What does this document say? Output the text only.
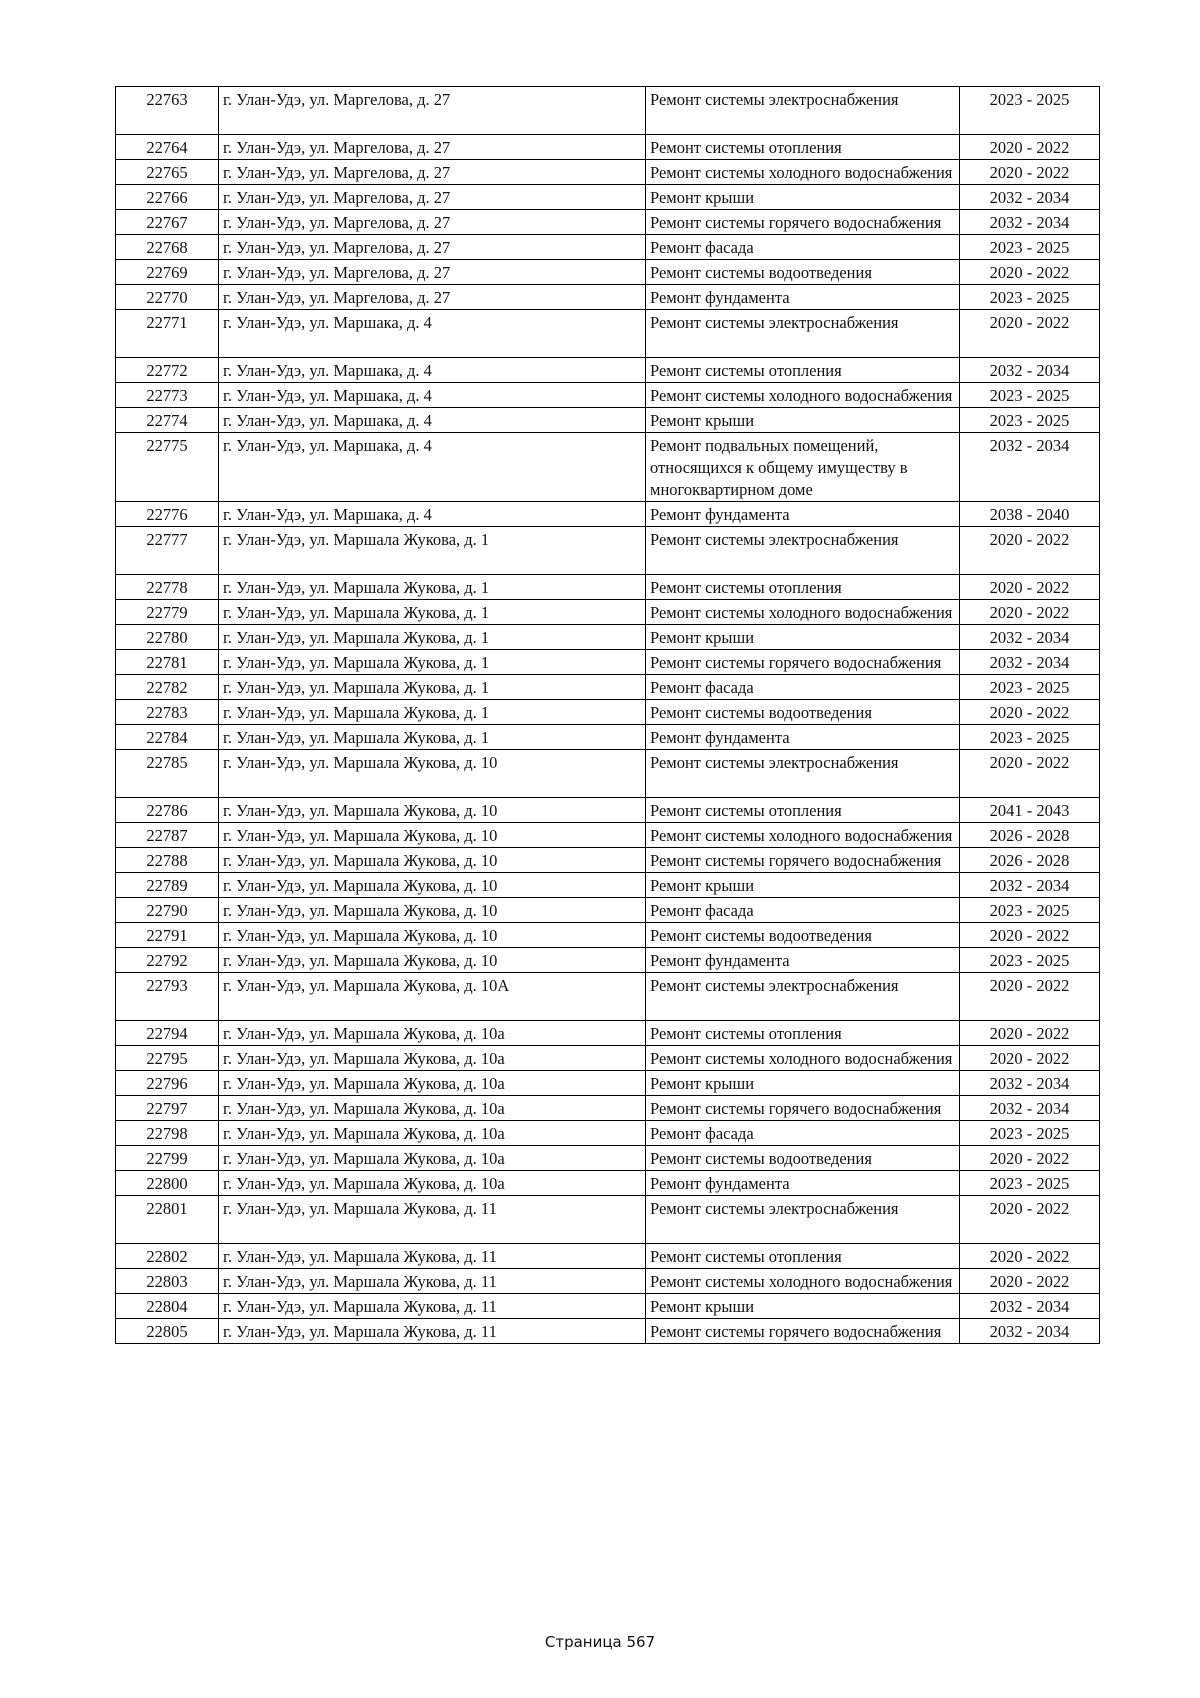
22763	г. Улан-Удэ, ул. Маргелова, д. 27	Ремонт системы электроснабжения	2023 - 2025
22764	г. Улан-Удэ, ул. Маргелова, д. 27	Ремонт системы отопления	2020 - 2022
22765	г. Улан-Удэ, ул. Маргелова, д. 27	Ремонт системы холодного водоснабжения	2020 - 2022
22766	г. Улан-Удэ, ул. Маргелова, д. 27	Ремонт крыши	2032 - 2034
22767	г. Улан-Удэ, ул. Маргелова, д. 27	Ремонт системы горячего водоснабжения	2032 - 2034
22768	г. Улан-Удэ, ул. Маргелова, д. 27	Ремонт фасада	2023 - 2025
22769	г. Улан-Удэ, ул. Маргелова, д. 27	Ремонт системы водоотведения	2020 - 2022
22770	г. Улан-Удэ, ул. Маргелова, д. 27	Ремонт фундамента	2023 - 2025
22771	г. Улан-Удэ, ул. Маршака, д. 4	Ремонт системы электроснабжения	2020 - 2022
22772	г. Улан-Удэ, ул. Маршака, д. 4	Ремонт системы отопления	2032 - 2034
22773	г. Улан-Удэ, ул. Маршака, д. 4	Ремонт системы холодного водоснабжения	2023 - 2025
22774	г. Улан-Удэ, ул. Маршака, д. 4	Ремонт крыши	2023 - 2025
22775	г. Улан-Удэ, ул. Маршака, д. 4	Ремонт подвальных помещений, относящихся к общему имуществу в многоквартирном доме	2032 - 2034
22776	г. Улан-Удэ, ул. Маршака, д. 4	Ремонт фундамента	2038 - 2040
22777	г. Улан-Удэ, ул. Маршала Жукова, д. 1	Ремонт системы электроснабжения	2020 - 2022
22778	г. Улан-Удэ, ул. Маршала Жукова, д. 1	Ремонт системы отопления	2020 - 2022
22779	г. Улан-Удэ, ул. Маршала Жукова, д. 1	Ремонт системы холодного водоснабжения	2020 - 2022
22780	г. Улан-Удэ, ул. Маршала Жукова, д. 1	Ремонт крыши	2032 - 2034
22781	г. Улан-Удэ, ул. Маршала Жукова, д. 1	Ремонт системы горячего водоснабжения	2032 - 2034
22782	г. Улан-Удэ, ул. Маршала Жукова, д. 1	Ремонт фасада	2023 - 2025
22783	г. Улан-Удэ, ул. Маршала Жукова, д. 1	Ремонт системы водоотведения	2020 - 2022
22784	г. Улан-Удэ, ул. Маршала Жукова, д. 1	Ремонт фундамента	2023 - 2025
22785	г. Улан-Удэ, ул. Маршала Жукова, д. 10	Ремонт системы электроснабжения	2020 - 2022
22786	г. Улан-Удэ, ул. Маршала Жукова, д. 10	Ремонт системы отопления	2041 - 2043
22787	г. Улан-Удэ, ул. Маршала Жукова, д. 10	Ремонт системы холодного водоснабжения	2026 - 2028
22788	г. Улан-Удэ, ул. Маршала Жукова, д. 10	Ремонт системы горячего водоснабжения	2026 - 2028
22789	г. Улан-Удэ, ул. Маршала Жукова, д. 10	Ремонт крыши	2032 - 2034
22790	г. Улан-Удэ, ул. Маршала Жукова, д. 10	Ремонт фасада	2023 - 2025
22791	г. Улан-Удэ, ул. Маршала Жукова, д. 10	Ремонт системы водоотведения	2020 - 2022
22792	г. Улан-Удэ, ул. Маршала Жукова, д. 10	Ремонт фундамента	2023 - 2025
22793	г. Улан-Удэ, ул. Маршала Жукова, д. 10А	Ремонт системы электроснабжения	2020 - 2022
22794	г. Улан-Удэ, ул. Маршала Жукова, д. 10а	Ремонт системы отопления	2020 - 2022
22795	г. Улан-Удэ, ул. Маршала Жукова, д. 10а	Ремонт системы холодного водоснабжения	2020 - 2022
22796	г. Улан-Удэ, ул. Маршала Жукова, д. 10а	Ремонт крыши	2032 - 2034
22797	г. Улан-Удэ, ул. Маршала Жукова, д. 10а	Ремонт системы горячего водоснабжения	2032 - 2034
22798	г. Улан-Удэ, ул. Маршала Жукова, д. 10а	Ремонт фасада	2023 - 2025
22799	г. Улан-Удэ, ул. Маршала Жукова, д. 10а	Ремонт системы водоотведения	2020 - 2022
22800	г. Улан-Удэ, ул. Маршала Жукова, д. 10а	Ремонт фундамента	2023 - 2025
22801	г. Улан-Удэ, ул. Маршала Жукова, д. 11	Ремонт системы электроснабжения	2020 - 2022
22802	г. Улан-Удэ, ул. Маршала Жукова, д. 11	Ремонт системы отопления	2020 - 2022
22803	г. Улан-Удэ, ул. Маршала Жукова, д. 11	Ремонт системы холодного водоснабжения	2020 - 2022
22804	г. Улан-Удэ, ул. Маршала Жукова, д. 11	Ремонт крыши	2032 - 2034
22805	г. Улан-Удэ, ул. Маршала Жукова, д. 11	Ремонт системы горячего водоснабжения	2032 - 2034
Страница 567
